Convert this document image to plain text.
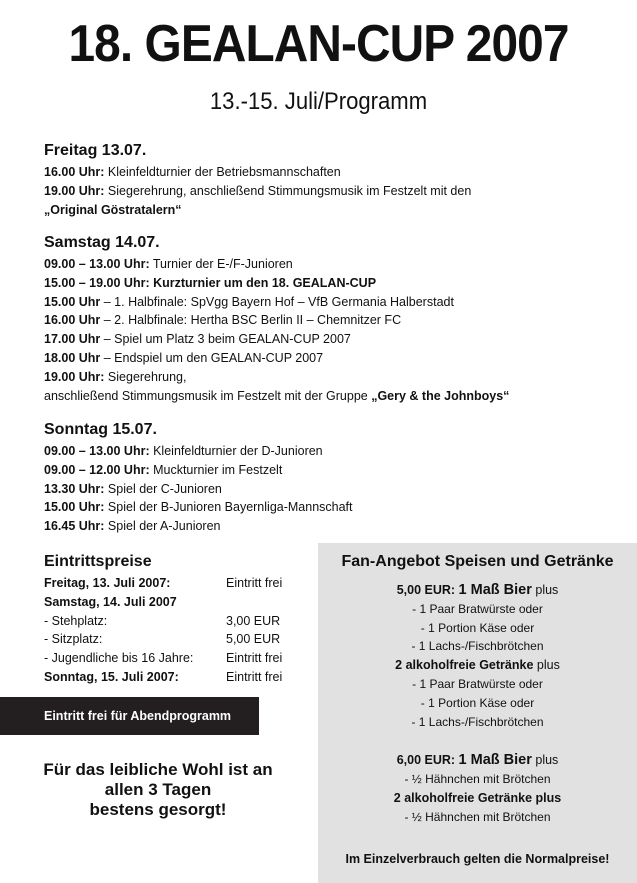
18. GEALAN-CUP 2007
13.-15. Juli/Programm
Freitag 13.07.
16.00 Uhr: Kleinfeldturnier der Betriebsmannschaften
19.00 Uhr: Siegerehrung, anschließend Stimmungsmusik im Festzelt mit den
„Original Göstratalern“
Samstag 14.07.
09.00 – 13.00 Uhr: Turnier der E-/F-Junioren
15.00 – 19.00 Uhr: Kurzturnier um den 18. GEALAN-CUP
15.00 Uhr – 1. Halbfinale: SpVgg Bayern Hof – VfB Germania Halberstadt
16.00 Uhr – 2. Halbfinale: Hertha BSC Berlin II – Chemnitzer FC
17.00 Uhr – Spiel um Platz 3 beim GEALAN-CUP 2007
18.00 Uhr – Endspiel um den GEALAN-CUP 2007
19.00 Uhr: Siegerehrung,
anschließend Stimmungsmusik im Festzelt mit der Gruppe „Gery & the Johnboys“
Sonntag 15.07.
09.00 – 13.00 Uhr: Kleinfeldturnier der D-Junioren
09.00 – 12.00 Uhr: Muckturnier im Festzelt
13.30 Uhr: Spiel der C-Junioren
15.00 Uhr: Spiel der B-Junioren Bayernliga-Mannschaft
16.45 Uhr: Spiel der A-Junioren
Eintrittspreise
Freitag, 13. Juli 2007:	Eintritt frei
Samstag, 14. Juli 2007
- Stehplatz:	3,00 EUR
- Sitzplatz:	5,00 EUR
- Jugendliche bis 16 Jahre:	Eintritt frei
Sonntag, 15. Juli 2007:	Eintritt frei
Eintritt frei für Abendprogramm
Für das leibliche Wohl ist an
allen 3 Tagen
bestens gesorgt!
Fan-Angebot Speisen und Getränke
5,00 EUR: 1 Maß Bier plus
- 1 Paar Bratwürste oder
- 1 Portion Käse oder
- 1 Lachs-/Fischbrötchen
2 alkoholfreie Getränke plus
- 1 Paar Bratwürste oder
- 1 Portion Käse oder
- 1 Lachs-/Fischbrötchen
6,00 EUR: 1 Maß Bier plus
- ½ Hähnchen mit Brötchen
2 alkoholfreie Getränke plus
- ½ Hähnchen mit Brötchen
Im Einzelverbrauch gelten die Normalpreise!
